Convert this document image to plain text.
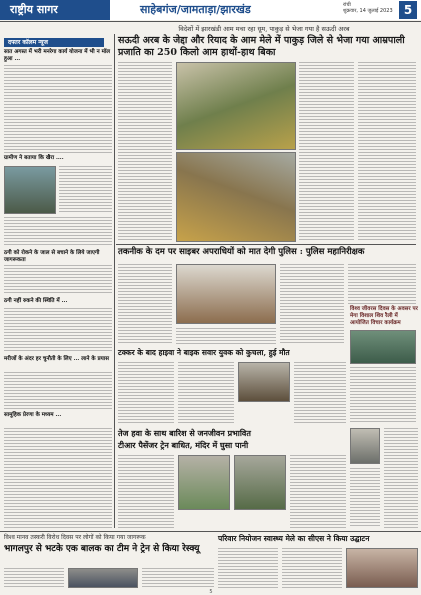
राष्ट्रीय सागर	साहेबगंज/जामताड़ा/झारखंड	रांची
शुक्रवार, 14 जुलाई 2023 5
विदेशों में झारखंडी आम मचा रहा धूम, पाकुड़ से भेजा गया है सऊदी अरब
दफ्तर कॉलम न्यूज
सात अगस्त में भरी मनरेगा कार्य योजना में भी न मॉल हुआ ...
ग्रामीण ने बताया कि खैरा ....
ठगी को रोकने के जाल से बचाने के लिये जाएगी जागरूकता
ठगी नहीं रुकने की स्थिति में ...
मरीजों के अंदर हर चुनौती के लिए ... लाने के प्रयास
सामूहिक प्रेरणा के मध्यम ...
सऊदी अरब के जेद्दा और रियाद के आम मेले में पाकुड़ जिले से भेजा गया आम्रपाली प्रजाति का 250 किलो आम हाथों-हाथ बिका
तकनीक के दम पर साइबर अपराधियों को मात देगी पुलिस : पुलिस महानिरीक्षक
टक्कर के बाद हाइवा ने बाइक सवार युवक को कुचला, हुई मौत
विश्व जीवरस दिवस के अवसर पर मेगा विशाल शिव रैली में आयोजित विचार कार्यक्रम
तेज हवा के साथ बारिश से जनजीवन प्रभावित
टीआर पैसेंजर ट्रेन बाधित, मंदिर में घुसा पानी
विश्व मानव तस्करी विरोध दिवस पर लोगों को किया गया जागरूक
भागलपुर से भटके एक बालक का टीम ने ट्रेन से किया रेस्क्यू
परिवार नियोजन स्वास्थ्य मेले का सीएस ने किया उद्घाटन
5
